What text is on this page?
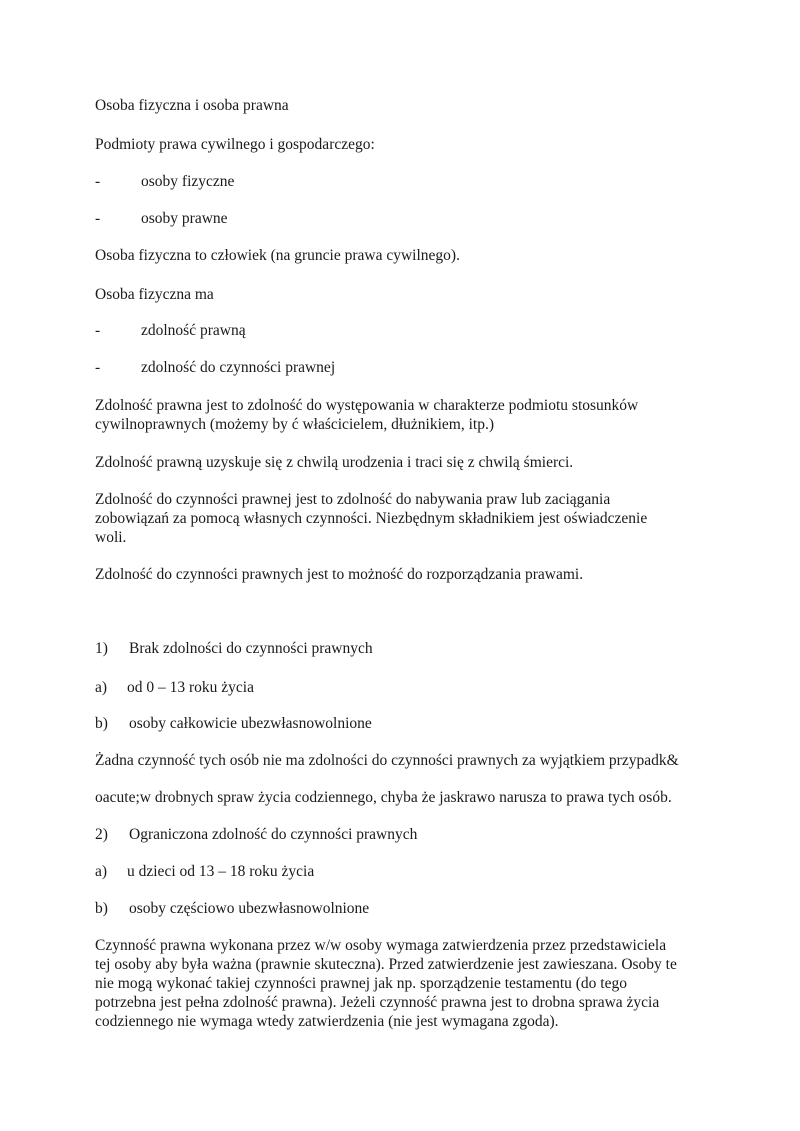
Osoba fizyczna i osoba prawna

Podmioty prawa cywilnego i gospodarczego:

-	osoby fizyczne

-	osoby prawne

Osoba fizyczna to człowiek (na gruncie prawa cywilnego).

Osoba fizyczna ma

-	zdolność prawną

-	zdolność do czynności prawnej

Zdolność prawna jest to zdolność do występowania w charakterze podmiotu stosunków

cywilnoprawnych (możemy by ć właścicielem, dłużnikiem, itp.)

Zdolność prawną uzyskuje się z chwilą urodzenia i traci się z chwilą śmierci.

Zdolność do czynności prawnej jest to zdolność do nabywania praw lub zaciągania

zobowiązań za pomocą własnych czynności. Niezbędnym składnikiem jest oświadczenie

woli.

Zdolność do czynności prawnych jest to możność do rozporządzania prawami.

1) Brak zdolności do czynności prawnych

a) od 0 – 13 roku życia

b) osoby całkowicie ubezwłasnowolnione

Żadna czynność tych osób nie ma zdolności do czynności prawnych za wyjątkiem przypadk&

oacute;w drobnych spraw życia codziennego, chyba że jaskrawo narusza to prawa tych osób.

2) Ograniczona zdolność do czynności prawnych

a) u dzieci od 13 – 18 roku życia

b) osoby częściowo ubezwłasnowolnione

Czynność prawna wykonana przez w/w osoby wymaga zatwierdzenia przez przedstawiciela

tej osoby aby była ważna (prawnie skuteczna). Przed zatwierdzenie jest zawieszana. Osoby te

nie mogą wykonać takiej czynności prawnej jak np. sporządzenie testamentu (do tego

potrzebna jest pełna zdolność prawna). Jeżeli czynność prawna jest to drobna sprawa życia

codziennego nie wymaga wtedy zatwierdzenia (nie jest wymagana zgoda).
